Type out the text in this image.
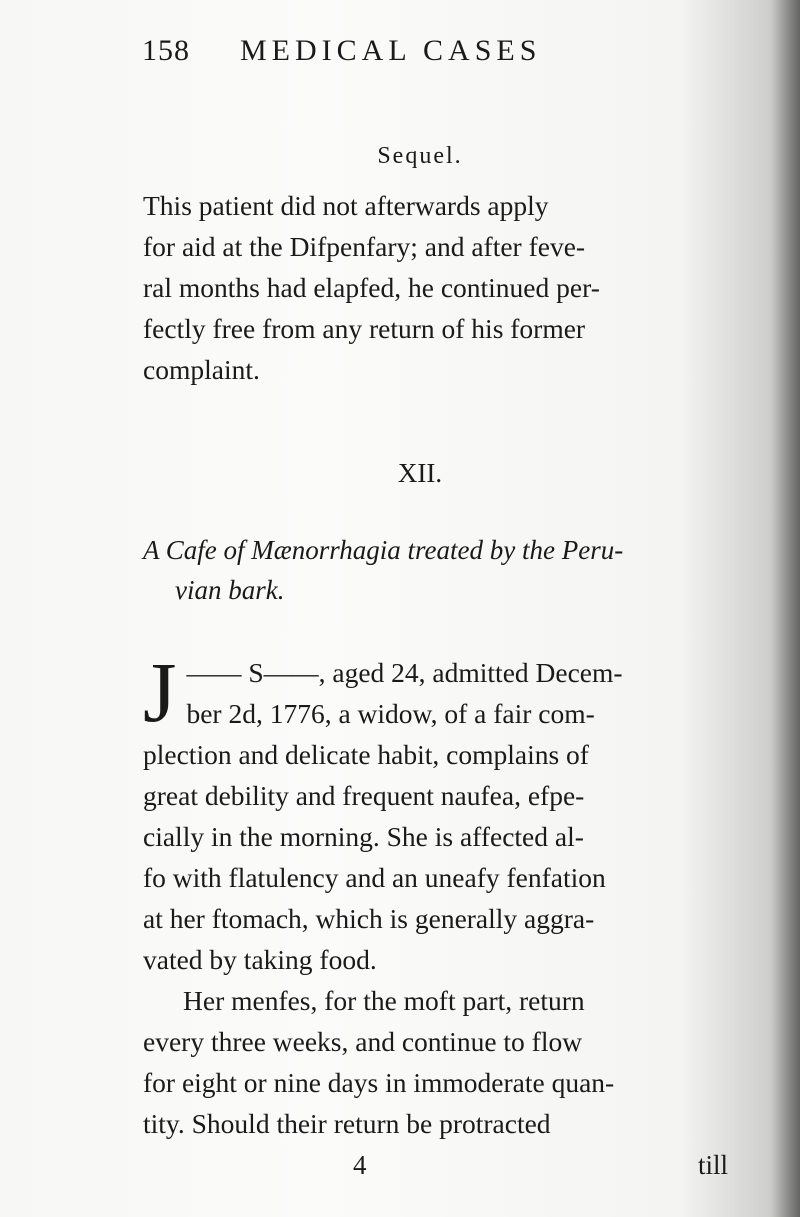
158 MEDICAL CASES
Sequel.
This patient did not afterwards apply
for aid at the Difpenfary; and after feve-
ral months had elapfed, he continued per-
fectly free from any return of his former
complaint.
XII.
A Cafe of Mænorrhagia treated by the Peru-
vian bark.
J —— S——, aged 24, admitted Decem-
ber 2d, 1776, a widow, of a fair com-
plection and delicate habit, complains of
great debility and frequent naufea, efpe-
cially in the morning. She is affected al-
fo with flatulency and an uneafy fenfation
at her ftomach, which is generally aggra-
vated by taking food.
Her menfes, for the moft part, return
every three weeks, and continue to flow
for eight or nine days in immoderate quan-
tity. Should their return be protracted
4	till
